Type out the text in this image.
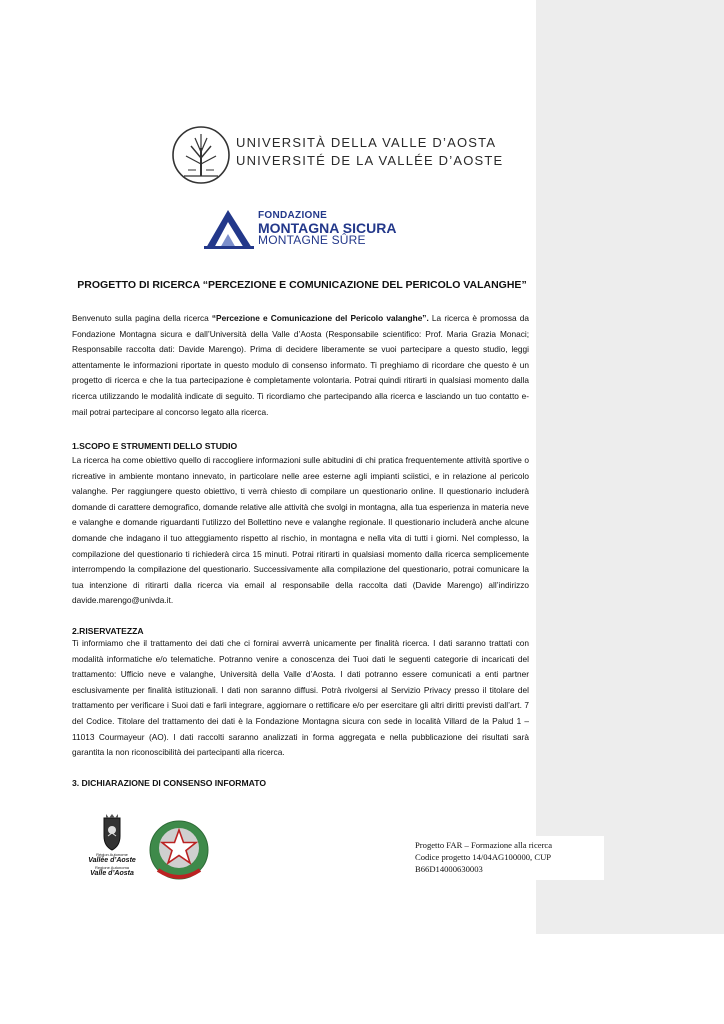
UNIVERSITÀ DELLA VALLE D’AOSTA
UNIVERSITÉ DE LA VALLÉE D’AOSTE
FONDAZIONE
MONTAGNA SICURA
MONTAGNE SÛRE
PROGETTO DI RICERCA “PERCEZIONE E COMUNICAZIONE DEL PERICOLO VALANGHE”
Benvenuto sulla pagina della ricerca “Percezione e Comunicazione del Pericolo valanghe”. La ricerca è promossa da Fondazione Montagna sicura e dall’Università della Valle d’Aosta (Responsabile scientifico: Prof. Maria Grazia Monaci; Responsabile raccolta dati: Davide Marengo). Prima di decidere liberamente se vuoi partecipare a questo studio, leggi attentamente le informazioni riportate in questo modulo di consenso informato. Ti preghiamo di ricordare che questo è un progetto di ricerca e che la tua partecipazione è completamente volontaria. Potrai quindi ritirarti in qualsiasi momento dalla ricerca utilizzando le modalità indicate di seguito. Ti ricordiamo che partecipando alla ricerca e lasciando un tuo contatto e-mail potrai partecipare al concorso legato alla ricerca.
1.SCOPO E STRUMENTI DELLO STUDIO
La ricerca ha come obiettivo quello di raccogliere informazioni sulle abitudini di chi pratica frequentemente attività sportive o ricreative in ambiente montano innevato, in particolare nelle aree esterne agli impianti sciistici, e in relazione al pericolo valanghe. Per raggiungere questo obiettivo, ti verrà chiesto di compilare un questionario online. Il questionario includerà domande di carattere demografico, domande relative alle attività che svolgi in montagna, alla tua esperienza in materia neve e valanghe e domande riguardanti l’utilizzo del Bollettino neve e valanghe regionale. Il questionario includerà anche alcune domande che indagano il tuo atteggiamento rispetto al rischio, in montagna e nella vita di tutti i giorni. Nel complesso, la compilazione del questionario ti richiederà circa 15 minuti. Potrai ritirarti in qualsiasi momento dalla ricerca semplicemente interrompendo la compilazione del questionario. Successivamente alla compilazione del questionario, potrai comunicare la tua intenzione di ritirarti dalla ricerca via email al responsabile della raccolta dati (Davide Marengo) all’indirizzo davide.marengo@univda.it.
2.RISERVATEZZA
Ti informiamo che il trattamento dei dati che ci fornirai avverrà unicamente per finalità ricerca. I dati saranno trattati con modalità informatiche e/o telematiche. Potranno venire a conoscenza dei Tuoi dati le seguenti categorie di incaricati del trattamento: Ufficio neve e valanghe, Università della Valle d’Aosta. I dati potranno essere comunicati a enti partner esclusivamente per finalità istituzionali. I dati non saranno diffusi. Potrà rivolgersi al Servizio Privacy presso il titolare del trattamento per verificare i Suoi dati e farli integrare, aggiornare o rettificare e/o per esercitare gli altri diritti previsti dall’art. 7 del Codice. Titolare del trattamento dei dati è la Fondazione Montagna sicura con sede in località Villard de la Palud 1 – 11013 Courmayeur (AO). I dati raccolti saranno analizzati in forma aggregata e nella pubblicazione dei risultati sarà garantita la non riconoscibilità dei partecipanti alla ricerca.
3. DICHIARAZIONE DI CONSENSO INFORMATO
Région Autonome
Vallée d’Aoste
Regione Autonoma
Valle d’Aosta
Progetto FAR – Formazione alla ricerca
Codice progetto 14/04AG100000, CUP
B66D14000630003
